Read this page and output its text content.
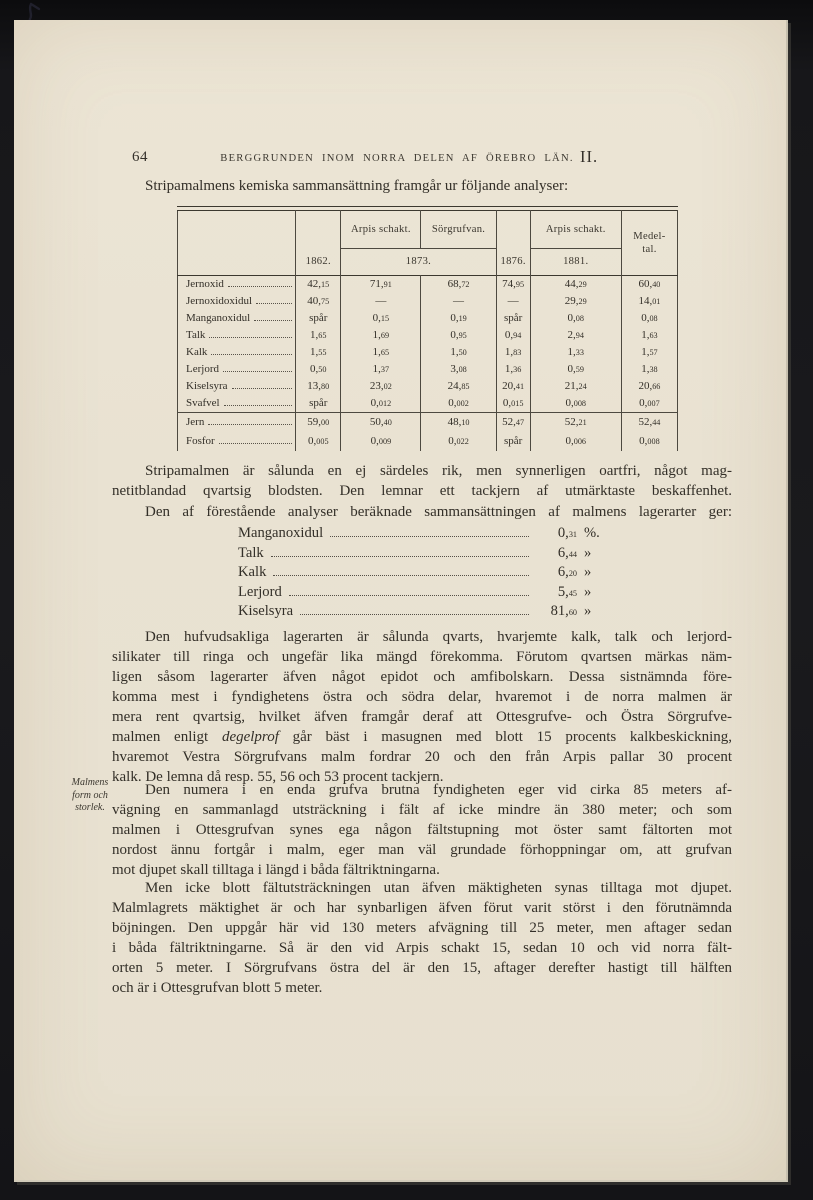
64	BERGGRUNDEN INOM NORRA DELEN AF ÖREBRO LÄN. II.
Stripamalmens kemiska sammansättning framgår ur följande analyser:
	1862.	Arpis schakt.	Sörgrufvan.	1876.	Arpis schakt.	Medel-
tal.
		1873.			1881.	

Jernoxid	42,15	71,91	68,72	74,95	44,29	60,40

Jernoxidoxidul	40,75	—	—	—	29,29	14,01

Manganoxidul	spår	0,15	0,19	spår	0,08	0,08

Talk	1,65	1,69	0,95	0,94	2,94	1,63

Kalk	1,55	1,65	1,50	1,83	1,33	1,57

Lerjord	0,50	1,37	3,08	1,36	0,59	1,38

Kiselsyra	13,80	23,02	24,85	20,41	21,24	20,66

Svafvel	spår	0,012	0,002	0,015	0,008	0,007

Jern	59,00	50,40	48,10	52,47	52,21	52,44

Fosfor	0,005	0,009	0,022	spår	0,006	0,008
Stripamalmen är sålunda en ej särdeles rik, men synnerligen oartfri, något mag-
netitblandad qvartsig blodsten. Den lemnar ett tackjern af utmärktaste beskaffenhet.
Den af förestående analyser beräknade sammansättningen af malmens lagerarter ger:
Manganoxidul	0,31 %.
Talk	6,44 »
Kalk	6,20 »
Lerjord	5,45 »
Kiselsyra	81,60 »
Den hufvudsakliga lagerarten är sålunda qvarts, hvarjemte kalk, talk och lerjord-
silikater till ringa och ungefär lika mängd förekomma. Förutom qvartsen märkas näm-
ligen såsom lagerarter äfven något epidot och amfibolskarn. Dessa sistnämnda före-
komma mest i fyndighetens östra och södra delar, hvaremot i de norra malmen är
mera rent qvartsig, hvilket äfven framgår deraf att Ottesgrufve- och Östra Sörgrufve-
malmen enligt degelprof går bäst i masugnen med blott 15 procents kalkbeskickning,
hvaremot Vestra Sörgrufvans malm fordrar 20 och den från Arpis pallar 30 procent
kalk. De lemna då resp. 55, 56 och 53 procent tackjern.
Malmens
form och
storlek.
Den numera i en enda grufva brutna fyndigheten eger vid cirka 85 meters af-
vägning en sammanlagd utsträckning i fält af icke mindre än 380 meter; och som
malmen i Ottesgrufvan synes ega någon fältstupning mot öster samt fältorten mot
nordost ännu fortgår i malm, eger man väl grundade förhoppningar om, att grufvan
mot djupet skall tilltaga i längd i båda fältriktningarna.
Men icke blott fältutsträckningen utan äfven mäktigheten synas tilltaga mot djupet.
Malmlagrets mäktighet är och har synbarligen äfven förut varit störst i den förutnämnda
böjningen. Den uppgår här vid 130 meters afvägning till 25 meter, men aftager sedan
i båda fältriktningarne. Så är den vid Arpis schakt 15, sedan 10 och vid norra fält-
orten 5 meter. I Sörgrufvans östra del är den 15, aftager derefter hastigt till hälften
och är i Ottesgrufvan blott 5 meter.
